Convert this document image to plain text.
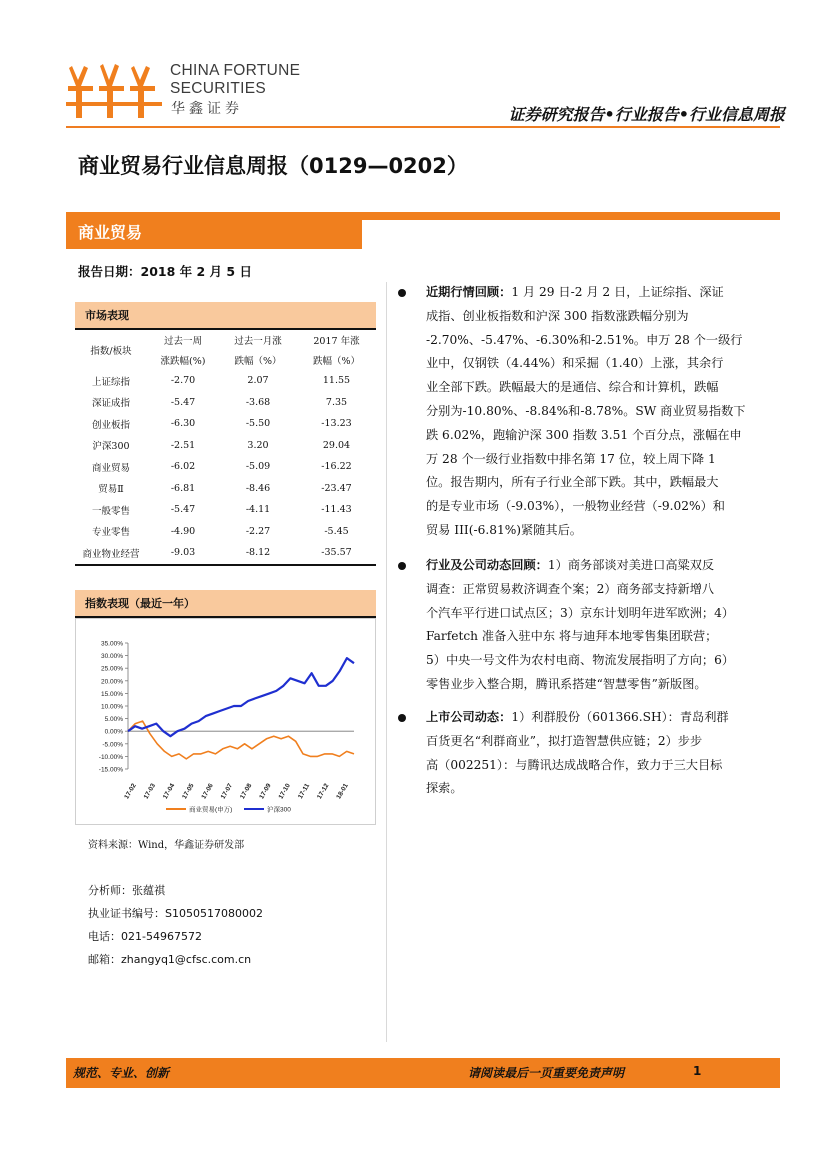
CHINA FORTUNE
SECURITIES
华鑫证券	证券研究报告•行业报告•行业信息周报
商业贸易行业信息周报（0129—0202）
商业贸易
报告日期：2018 年 2 月 5 日
市场表现
指数/板块	过去一周	过去一月涨	2017 年涨
	涨跌幅(%)	跌幅（%）	跌幅（%）
上证综指	-2.70	2.07	11.55
深证成指	-5.47	-3.68	7.35
创业板指	-6.30	-5.50	-13.23
沪深300	-2.51	3.20	29.04
商业贸易	-6.02	-5.09	-16.22
贸易Ⅱ	-6.81	-8.46	-23.47
一般零售	-5.47	-4.11	-11.43
专业零售	-4.90	-2.27	-5.45
商业物业经营	-9.03	-8.12	-35.57
指数表现（最近一年）
35.00%
30.00%
25.00%
20.00%
15.00%
10.00%
5.00%
0.00%
-5.00%
-10.00%
-15.00%
17-02 17-03 17-04 17-05 17-06 17-07 17-08 17-09 17-10 17-11 17-12 18-01
商业贸易(申万)	沪深300
资料来源：Wind，华鑫证券研发部
分析师：张蕴祺
执业证书编号：S1050517080002
电话：021-54967572
邮箱：zhangyq1@cfsc.com.cn
近期行情回顾：1 月 29 日-2 月 2 日，上证综指、深证
成指、创业板指数和沪深 300 指数涨跌幅分别为
-2.70%、-5.47%、-6.30%和-2.51%。申万 28 个一级行
业中，仅钢铁（4.44%）和采掘（1.40）上涨，其余行
业全部下跌。跌幅最大的是通信、综合和计算机，跌幅
分别为-10.80%、-8.84%和-8.78%。SW 商业贸易指数下
跌 6.02%，跑输沪深 300 指数 3.51 个百分点，涨幅在申
万 28 个一级行业指数中排名第 17 位，较上周下降 1
位。报告期内，所有子行业全部下跌。其中，跌幅最大
的是专业市场（-9.03%），一般物业经营（-9.02%）和
贸易 III(-6.81%)紧随其后。
行业及公司动态回顾：1）商务部谈对美进口高粱双反
调查：正常贸易救济调查个案；2）商务部支持新增八
个汽车平行进口试点区；3）京东计划明年进军欧洲；4）
Farfetch 准备入驻中东 将与迪拜本地零售集团联营；
5）中央一号文件为农村电商、物流发展指明了方向；6）
零售业步入整合期，腾讯系搭建“智慧零售”新版图。
上市公司动态：1）利群股份（601366.SH）：青岛利群
百货更名“利群商业”，拟打造智慧供应链；2）步步
高（002251）：与腾讯达成战略合作，致力于三大目标
探索。
规范、专业、创新	请阅读最后一页重要免责声明	1
